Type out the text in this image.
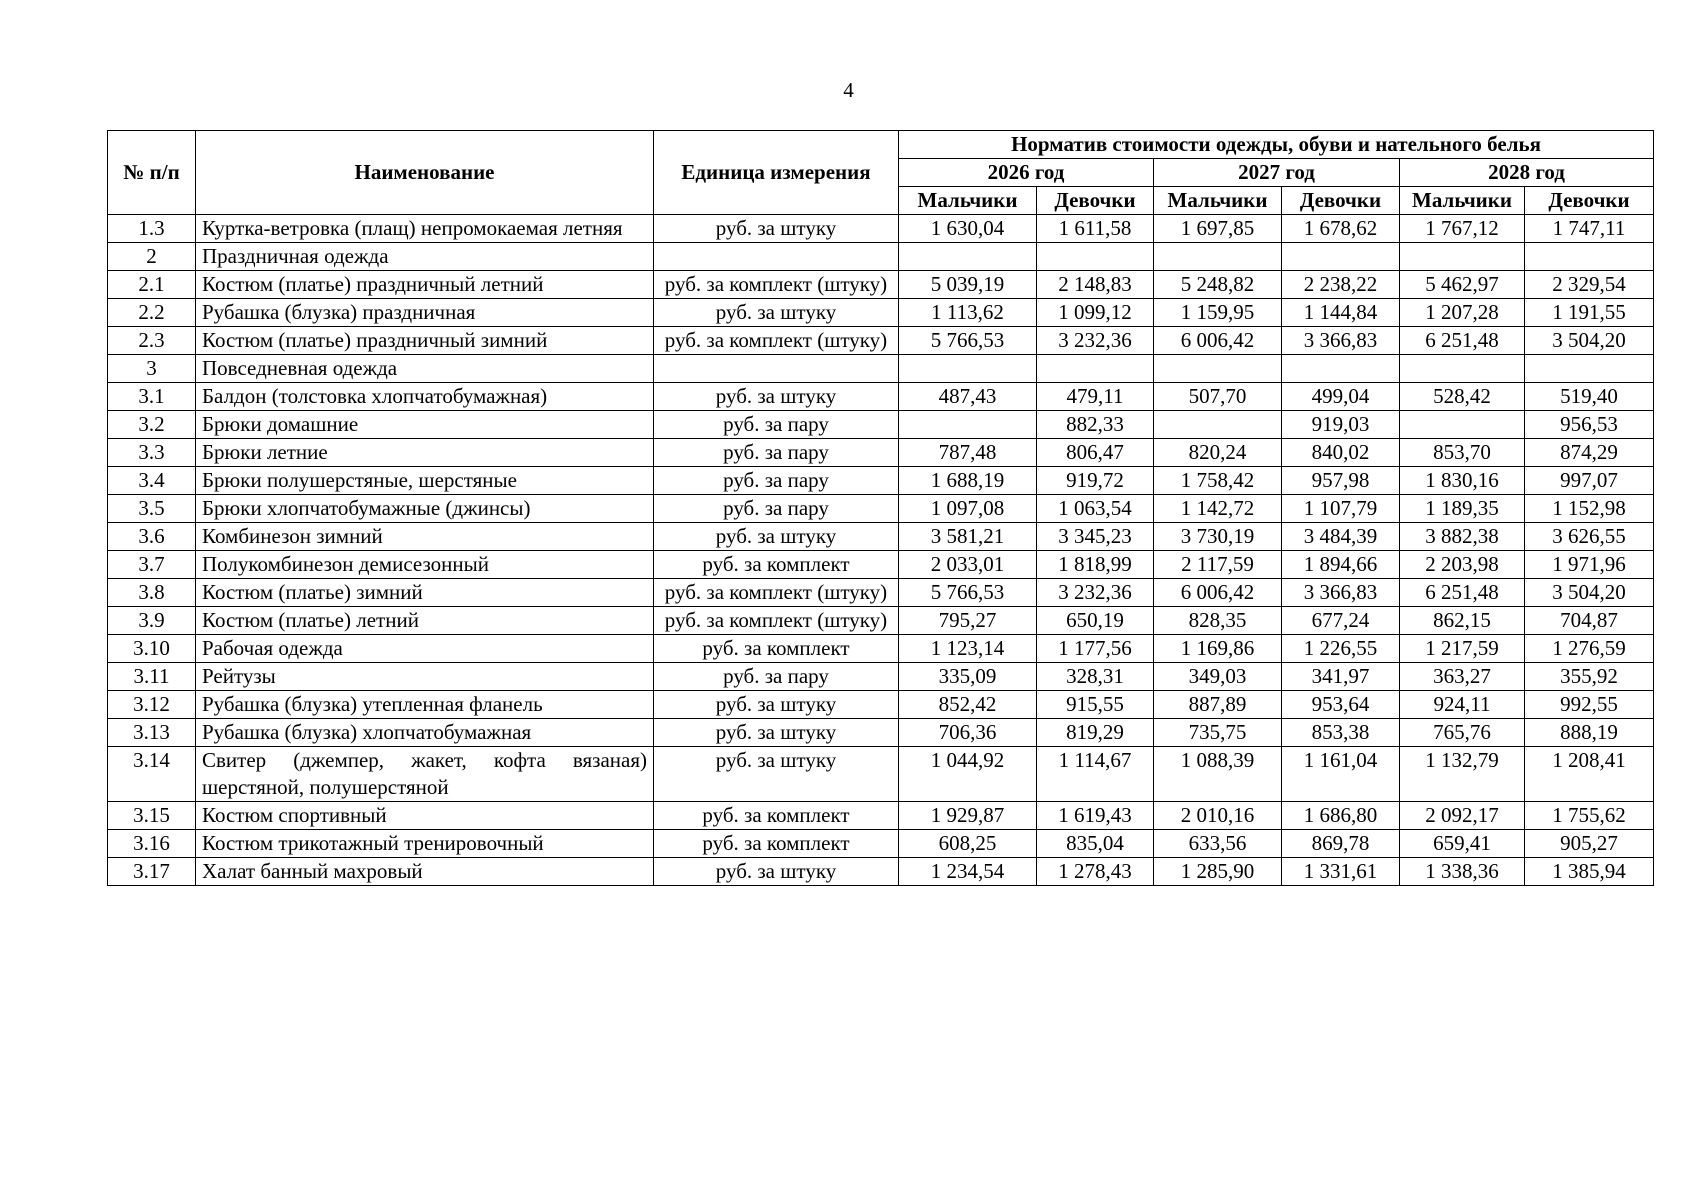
4
№ п/п	Наименование	Единица измерения	Норматив стоимости одежды, обуви и нательного белья					
			2026 год		2027 год		2028 год	
			Мальчики	Девочки	Мальчики	Девочки	Мальчики	Девочки
1.3	Куртка-ветровка (плащ) непромокаемая летняя	руб. за штуку	1 630,04	1 611,58	1 697,85	1 678,62	1 767,12	1 747,11
2	Праздничная одежда							
2.1	Костюм (платье) праздничный летний	руб. за комплект (штуку)	5 039,19	2 148,83	5 248,82	2 238,22	5 462,97	2 329,54
2.2	Рубашка (блузка) праздничная	руб. за штуку	1 113,62	1 099,12	1 159,95	1 144,84	1 207,28	1 191,55
2.3	Костюм (платье) праздничный зимний	руб. за комплект (штуку)	5 766,53	3 232,36	6 006,42	3 366,83	6 251,48	3 504,20
3	Повседневная одежда							
3.1	Балдон (толстовка хлопчатобумажная)	руб. за штуку	487,43	479,11	507,70	499,04	528,42	519,40
3.2	Брюки домашние	руб. за пару		882,33		919,03		956,53
3.3	Брюки летние	руб. за пару	787,48	806,47	820,24	840,02	853,70	874,29
3.4	Брюки полушерстяные, шерстяные	руб. за пару	1 688,19	919,72	1 758,42	957,98	1 830,16	997,07
3.5	Брюки хлопчатобумажные (джинсы)	руб. за пару	1 097,08	1 063,54	1 142,72	1 107,79	1 189,35	1 152,98
3.6	Комбинезон зимний	руб. за штуку	3 581,21	3 345,23	3 730,19	3 484,39	3 882,38	3 626,55
3.7	Полукомбинезон демисезонный	руб. за комплект	2 033,01	1 818,99	2 117,59	1 894,66	2 203,98	1 971,96
3.8	Костюм (платье) зимний	руб. за комплект (штуку)	5 766,53	3 232,36	6 006,42	3 366,83	6 251,48	3 504,20
3.9	Костюм (платье) летний	руб. за комплект (штуку)	795,27	650,19	828,35	677,24	862,15	704,87
3.10	Рабочая одежда	руб. за комплект	1 123,14	1 177,56	1 169,86	1 226,55	1 217,59	1 276,59
3.11	Рейтузы	руб. за пару	335,09	328,31	349,03	341,97	363,27	355,92
3.12	Рубашка (блузка) утепленная фланель	руб. за штуку	852,42	915,55	887,89	953,64	924,11	992,55
3.13	Рубашка (блузка) хлопчатобумажная	руб. за штуку	706,36	819,29	735,75	853,38	765,76	888,19
3.14	Свитер (джемпер, жакет, кофта вязаная) шерстяной, полушерстяной	руб. за штуку	1 044,92	1 114,67	1 088,39	1 161,04	1 132,79	1 208,41
3.15	Костюм спортивный	руб. за комплект	1 929,87	1 619,43	2 010,16	1 686,80	2 092,17	1 755,62
3.16	Костюм трикотажный тренировочный	руб. за комплект	608,25	835,04	633,56	869,78	659,41	905,27
3.17	Халат банный махровый	руб. за штуку	1 234,54	1 278,43	1 285,90	1 331,61	1 338,36	1 385,94
